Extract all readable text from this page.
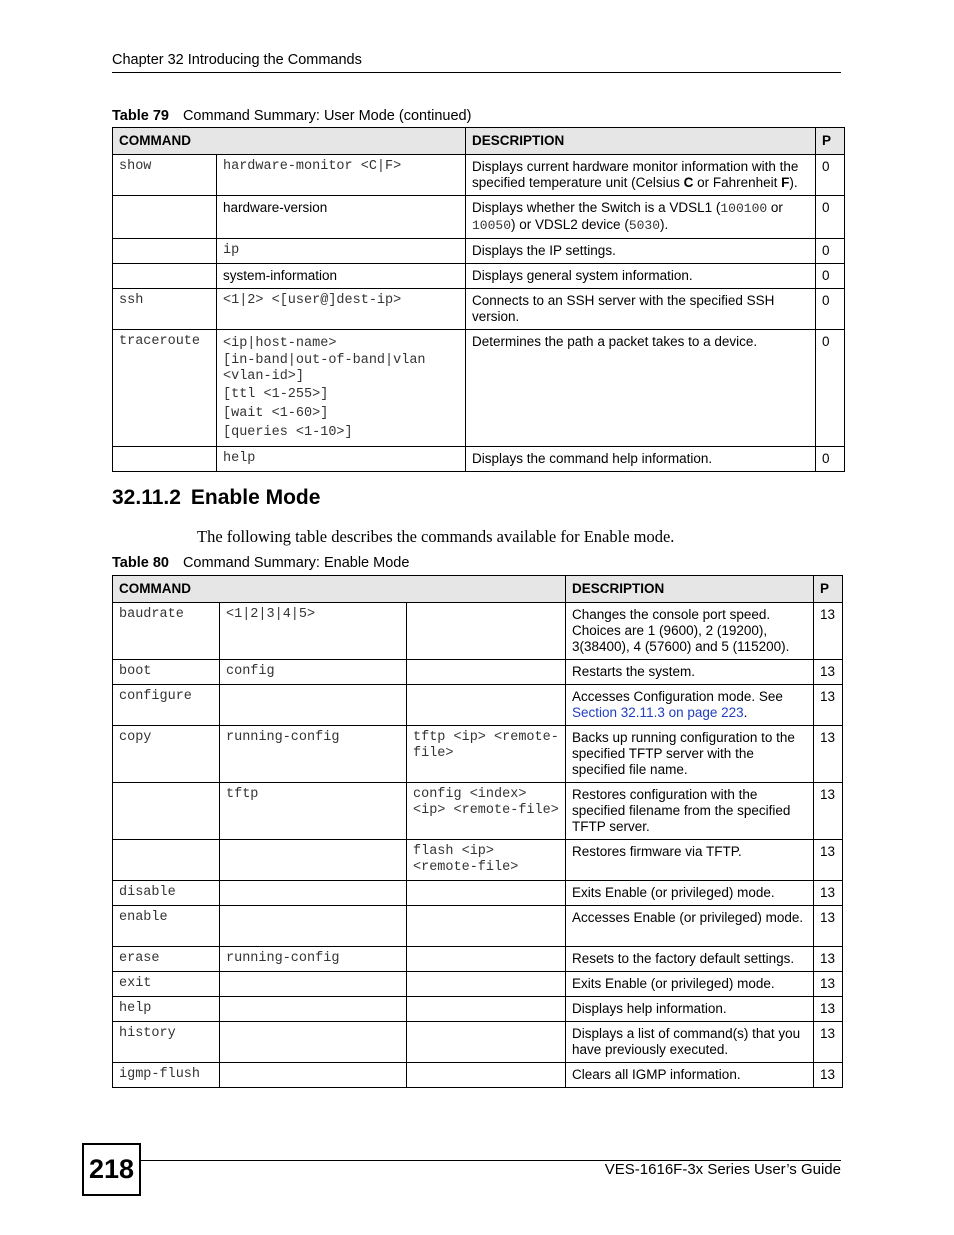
Chapter 32 Introducing the Commands
Table 79 Command Summary: User Mode (continued)
COMMAND		DESCRIPTION	P
show	hardware-monitor <C|F>	Displays current hardware monitor information with the specified temperature unit (Celsius C or Fahrenheit F).	0
	hardware-version	Displays whether the Switch is a VDSL1 (100100 or 10050) or VDSL2 device (5030).	0
	ip	Displays the IP settings.	0
	system-information	Displays general system information.	0
ssh	<1|2> <[user@]dest-ip>	Connects to an SSH server with the specified SSH version.	0
traceroute	<ip|host-name>
[in-band|out-of-band|vlan <vlan-id>]
[ttl <1-255>]
[wait <1-60>]
[queries <1-10>]	Determines the path a packet takes to a device.	0
	help	Displays the command help information.	0
32.11.2 Enable Mode
The following table describes the commands available for Enable mode.
Table 80 Command Summary: Enable Mode
COMMAND			DESCRIPTION	P
baudrate	<1|2|3|4|5>		Changes the console port speed. Choices are 1 (9600), 2 (19200), 3(38400), 4 (57600) and 5 (115200).	13
boot	config		Restarts the system.	13
configure			Accesses Configuration mode. See Section 32.11.3 on page 223.	13
copy	running-config	tftp <ip> <remote-file>	Backs up running configuration to the specified TFTP server with the specified file name.	13
	tftp	config <index> <ip> <remote-file>	Restores configuration with the specified filename from the specified TFTP server.	13
		flash <ip> <remote-file>	Restores firmware via TFTP.	13
disable			Exits Enable (or privileged) mode.	13
enable			Accesses Enable (or privileged) mode.	13
erase	running-config		Resets to the factory default settings.	13
exit			Exits Enable (or privileged) mode.	13
help			Displays help information.	13
history			Displays a list of command(s) that you have previously executed.	13
igmp-flush			Clears all IGMP information.	13
218	VES-1616F-3x Series User’s Guide
